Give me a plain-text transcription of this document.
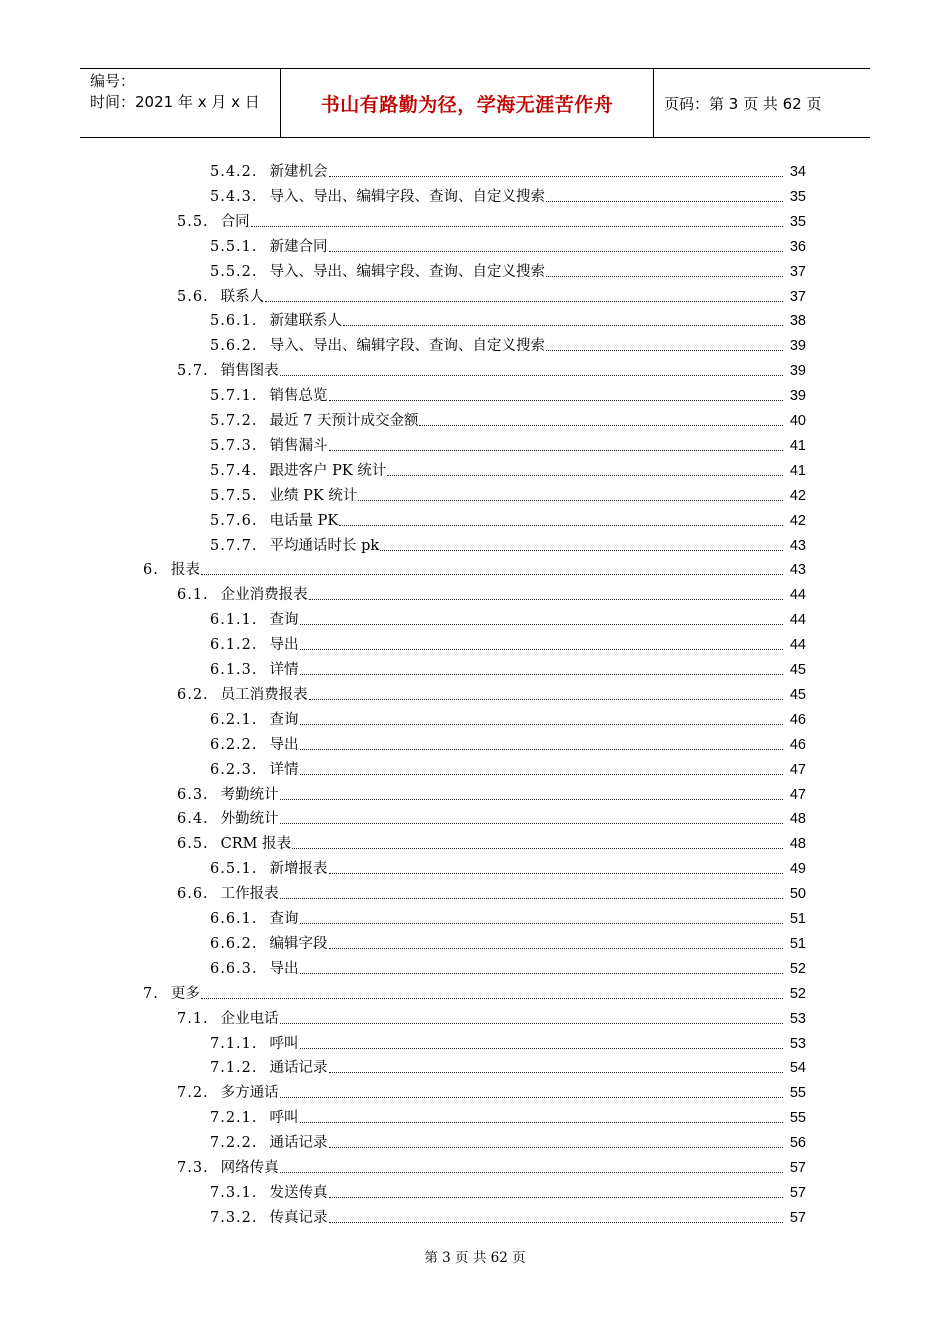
编号：
时间：2021 年 x 月 x 日	书山有路勤为径，学海无涯苦作舟	页码：第 3 页 共 62 页
5.4.2. 新建机会	34
5.4.3. 导入、导出、编辑字段、查询、自定义搜索	35
5.5. 合同	35
5.5.1. 新建合同	36
5.5.2. 导入、导出、编辑字段、查询、自定义搜索	37
5.6. 联系人	37
5.6.1. 新建联系人	38
5.6.2. 导入、导出、编辑字段、查询、自定义搜索	39
5.7. 销售图表	39
5.7.1. 销售总览	39
5.7.2. 最近 7 天预计成交金额	40
5.7.3. 销售漏斗	41
5.7.4. 跟进客户 PK 统计	41
5.7.5. 业绩 PK 统计	42
5.7.6. 电话量 PK	42
5.7.7. 平均通话时长 pk	43
6. 报表	43
6.1. 企业消费报表	44
6.1.1. 查询	44
6.1.2. 导出	44
6.1.3. 详情	45
6.2. 员工消费报表	45
6.2.1. 查询	46
6.2.2. 导出	46
6.2.3. 详情	47
6.3. 考勤统计	47
6.4. 外勤统计	48
6.5. CRM 报表	48
6.5.1. 新增报表	49
6.6. 工作报表	50
6.6.1. 查询	51
6.6.2. 编辑字段	51
6.6.3. 导出	52
7. 更多	52
7.1. 企业电话	53
7.1.1. 呼叫	53
7.1.2. 通话记录	54
7.2. 多方通话	55
7.2.1. 呼叫	55
7.2.2. 通话记录	56
7.3. 网络传真	57
7.3.1. 发送传真	57
7.3.2. 传真记录	57
第 3 页 共 62 页
